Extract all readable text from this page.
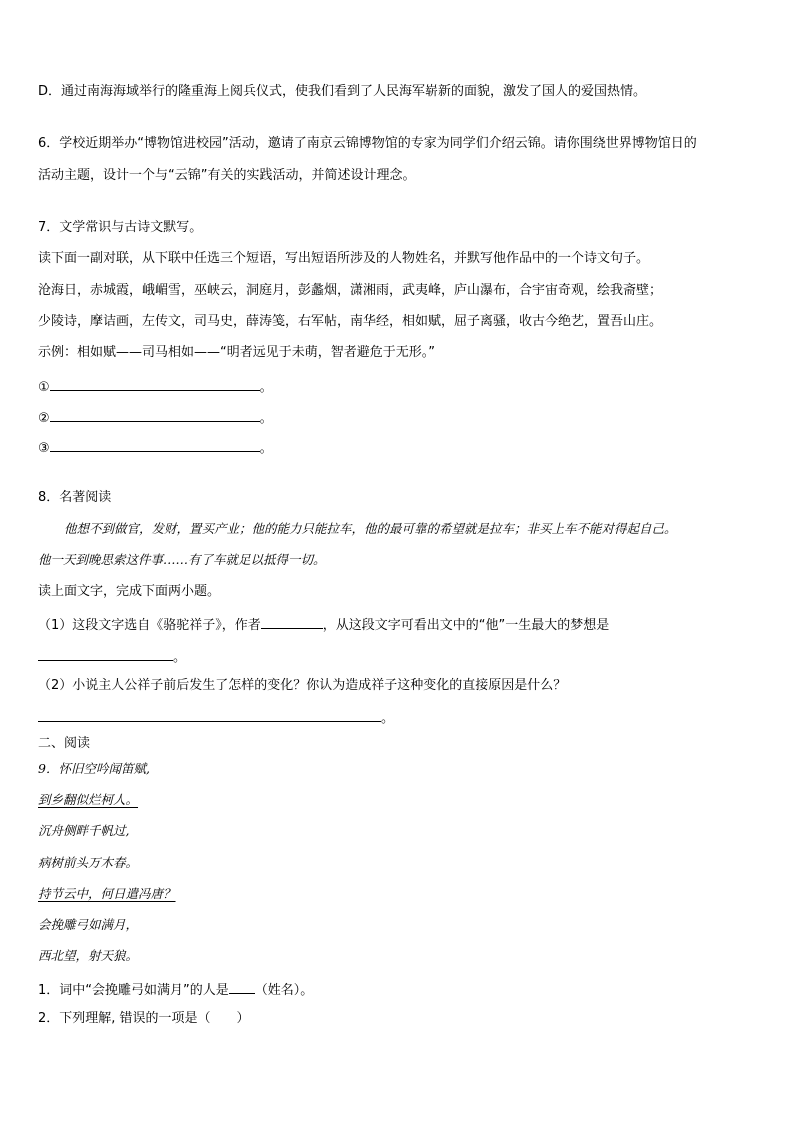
D．通过南海海域举行的隆重海上阅兵仪式，使我们看到了人民海军崭新的面貌，激发了国人的爱国热情。
6．学校近期举办“博物馆进校园”活动，邀请了南京云锦博物馆的专家为同学们介绍云锦。请你围绕世界博物馆日的
活动主题，设计一个与“云锦”有关的实践活动，并简述设计理念。
7．文学常识与古诗文默写。
读下面一副对联，从下联中任选三个短语，写出短语所涉及的人物姓名，并默写他作品中的一个诗文句子。
沧海日，赤城霞，峨嵋雪，巫峡云，洞庭月，彭蠡烟，潇湘雨，武夷峰，庐山瀑布，合宇宙奇观，绘我斋壁；
少陵诗，摩诘画，左传文，司马史，薛涛笺，右军帖，南华经，相如赋，屈子离骚，收古今绝艺，置吾山庄。
示例：相如赋——司马相如——“明者远见于未萌，智者避危于无形。”
①	。
②	。
③	。
8．名著阅读
他想不到做官，发财，置买产业；他的能力只能拉车，他的最可靠的希望就是拉车；非买上车不能对得起自己。
他一天到晚思索这件事……有了车就足以抵得一切。
读上面文字，完成下面两小题。
（1）这段文字选自《骆驼祥子》，作者	，从这段文字可看出文中的“他”一生最大的梦想是
。
（2）小说主人公祥子前后发生了怎样的变化？你认为造成祥子这种变化的直接原因是什么？
。
二、阅读
9．怀旧空吟闻笛赋,
到乡翻似烂柯人。
沉舟侧畔千帆过,
病树前头万木春。
持节云中，何日遣冯唐？
会挽雕弓如满月，
西北望，射天狼。
1．词中“会挽雕弓如满月”的人是 （姓名）。
2．下列理解, 错误的一项是（　　）
